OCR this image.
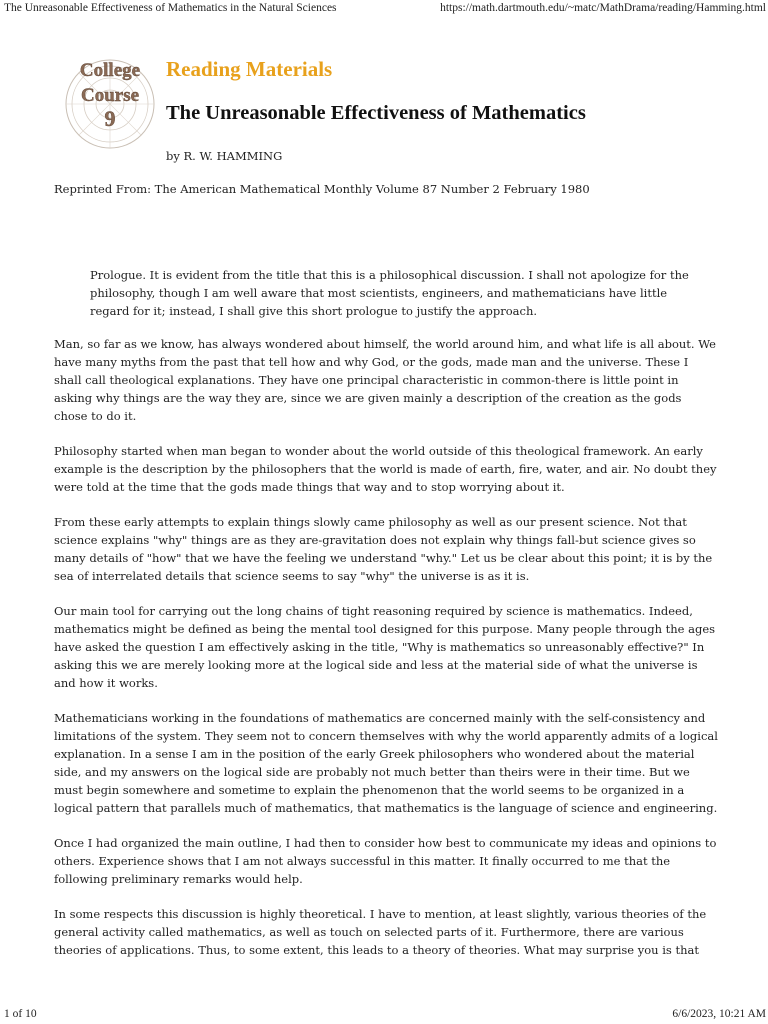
The Unreasonable Effectiveness of Mathematics in the Natural Sciences	https://math.dartmouth.edu/~matc/MathDrama/reading/Hamming.html
College
Course
9
Reading Materials
The Unreasonable Effectiveness of Mathematics
by R. W. HAMMING
Reprinted From: The American Mathematical Monthly Volume 87 Number 2 February 1980

Prologue. It is evident from the title that this is a philosophical discussion. I shall not apologize for the philosophy, though I am well aware that most scientists, engineers, and mathematicians have little regard for it; instead, I shall give this short prologue to justify the approach.

Man, so far as we know, has always wondered about himself, the world around him, and what life is all about. We have many myths from the past that tell how and why God, or the gods, made man and the universe. These I shall call theological explanations. They have one principal characteristic in common-there is little point in asking why things are the way they are, since we are given mainly a description of the creation as the gods chose to do it.

Philosophy started when man began to wonder about the world outside of this theological framework. An early example is the description by the philosophers that the world is made of earth, fire, water, and air. No doubt they were told at the time that the gods made things that way and to stop worrying about it.

From these early attempts to explain things slowly came philosophy as well as our present science. Not that science explains "why" things are as they are-gravitation does not explain why things fall-but science gives so many details of "how" that we have the feeling we understand "why." Let us be clear about this point; it is by the sea of interrelated details that science seems to say "why" the universe is as it is.

Our main tool for carrying out the long chains of tight reasoning required by science is mathematics. Indeed, mathematics might be defined as being the mental tool designed for this purpose. Many people through the ages have asked the question I am effectively asking in the title, "Why is mathematics so unreasonably effective?" In asking this we are merely looking more at the logical side and less at the material side of what the universe is and how it works.

Mathematicians working in the foundations of mathematics are concerned mainly with the self-consistency and limitations of the system. They seem not to concern themselves with why the world apparently admits of a logical explanation. In a sense I am in the position of the early Greek philosophers who wondered about the material side, and my answers on the logical side are probably not much better than theirs were in their time. But we must begin somewhere and sometime to explain the phenomenon that the world seems to be organized in a logical pattern that parallels much of mathematics, that mathematics is the language of science and engineering.

Once I had organized the main outline, I had then to consider how best to communicate my ideas and opinions to others. Experience shows that I am not always successful in this matter. It finally occurred to me that the following preliminary remarks would help.

In some respects this discussion is highly theoretical. I have to mention, at least slightly, various theories of the general activity called mathematics, as well as touch on selected parts of it. Furthermore, there are various theories of applications. Thus, to some extent, this leads to a theory of theories. What may surprise you is that

1 of 10	6/6/2023, 10:21 AM
